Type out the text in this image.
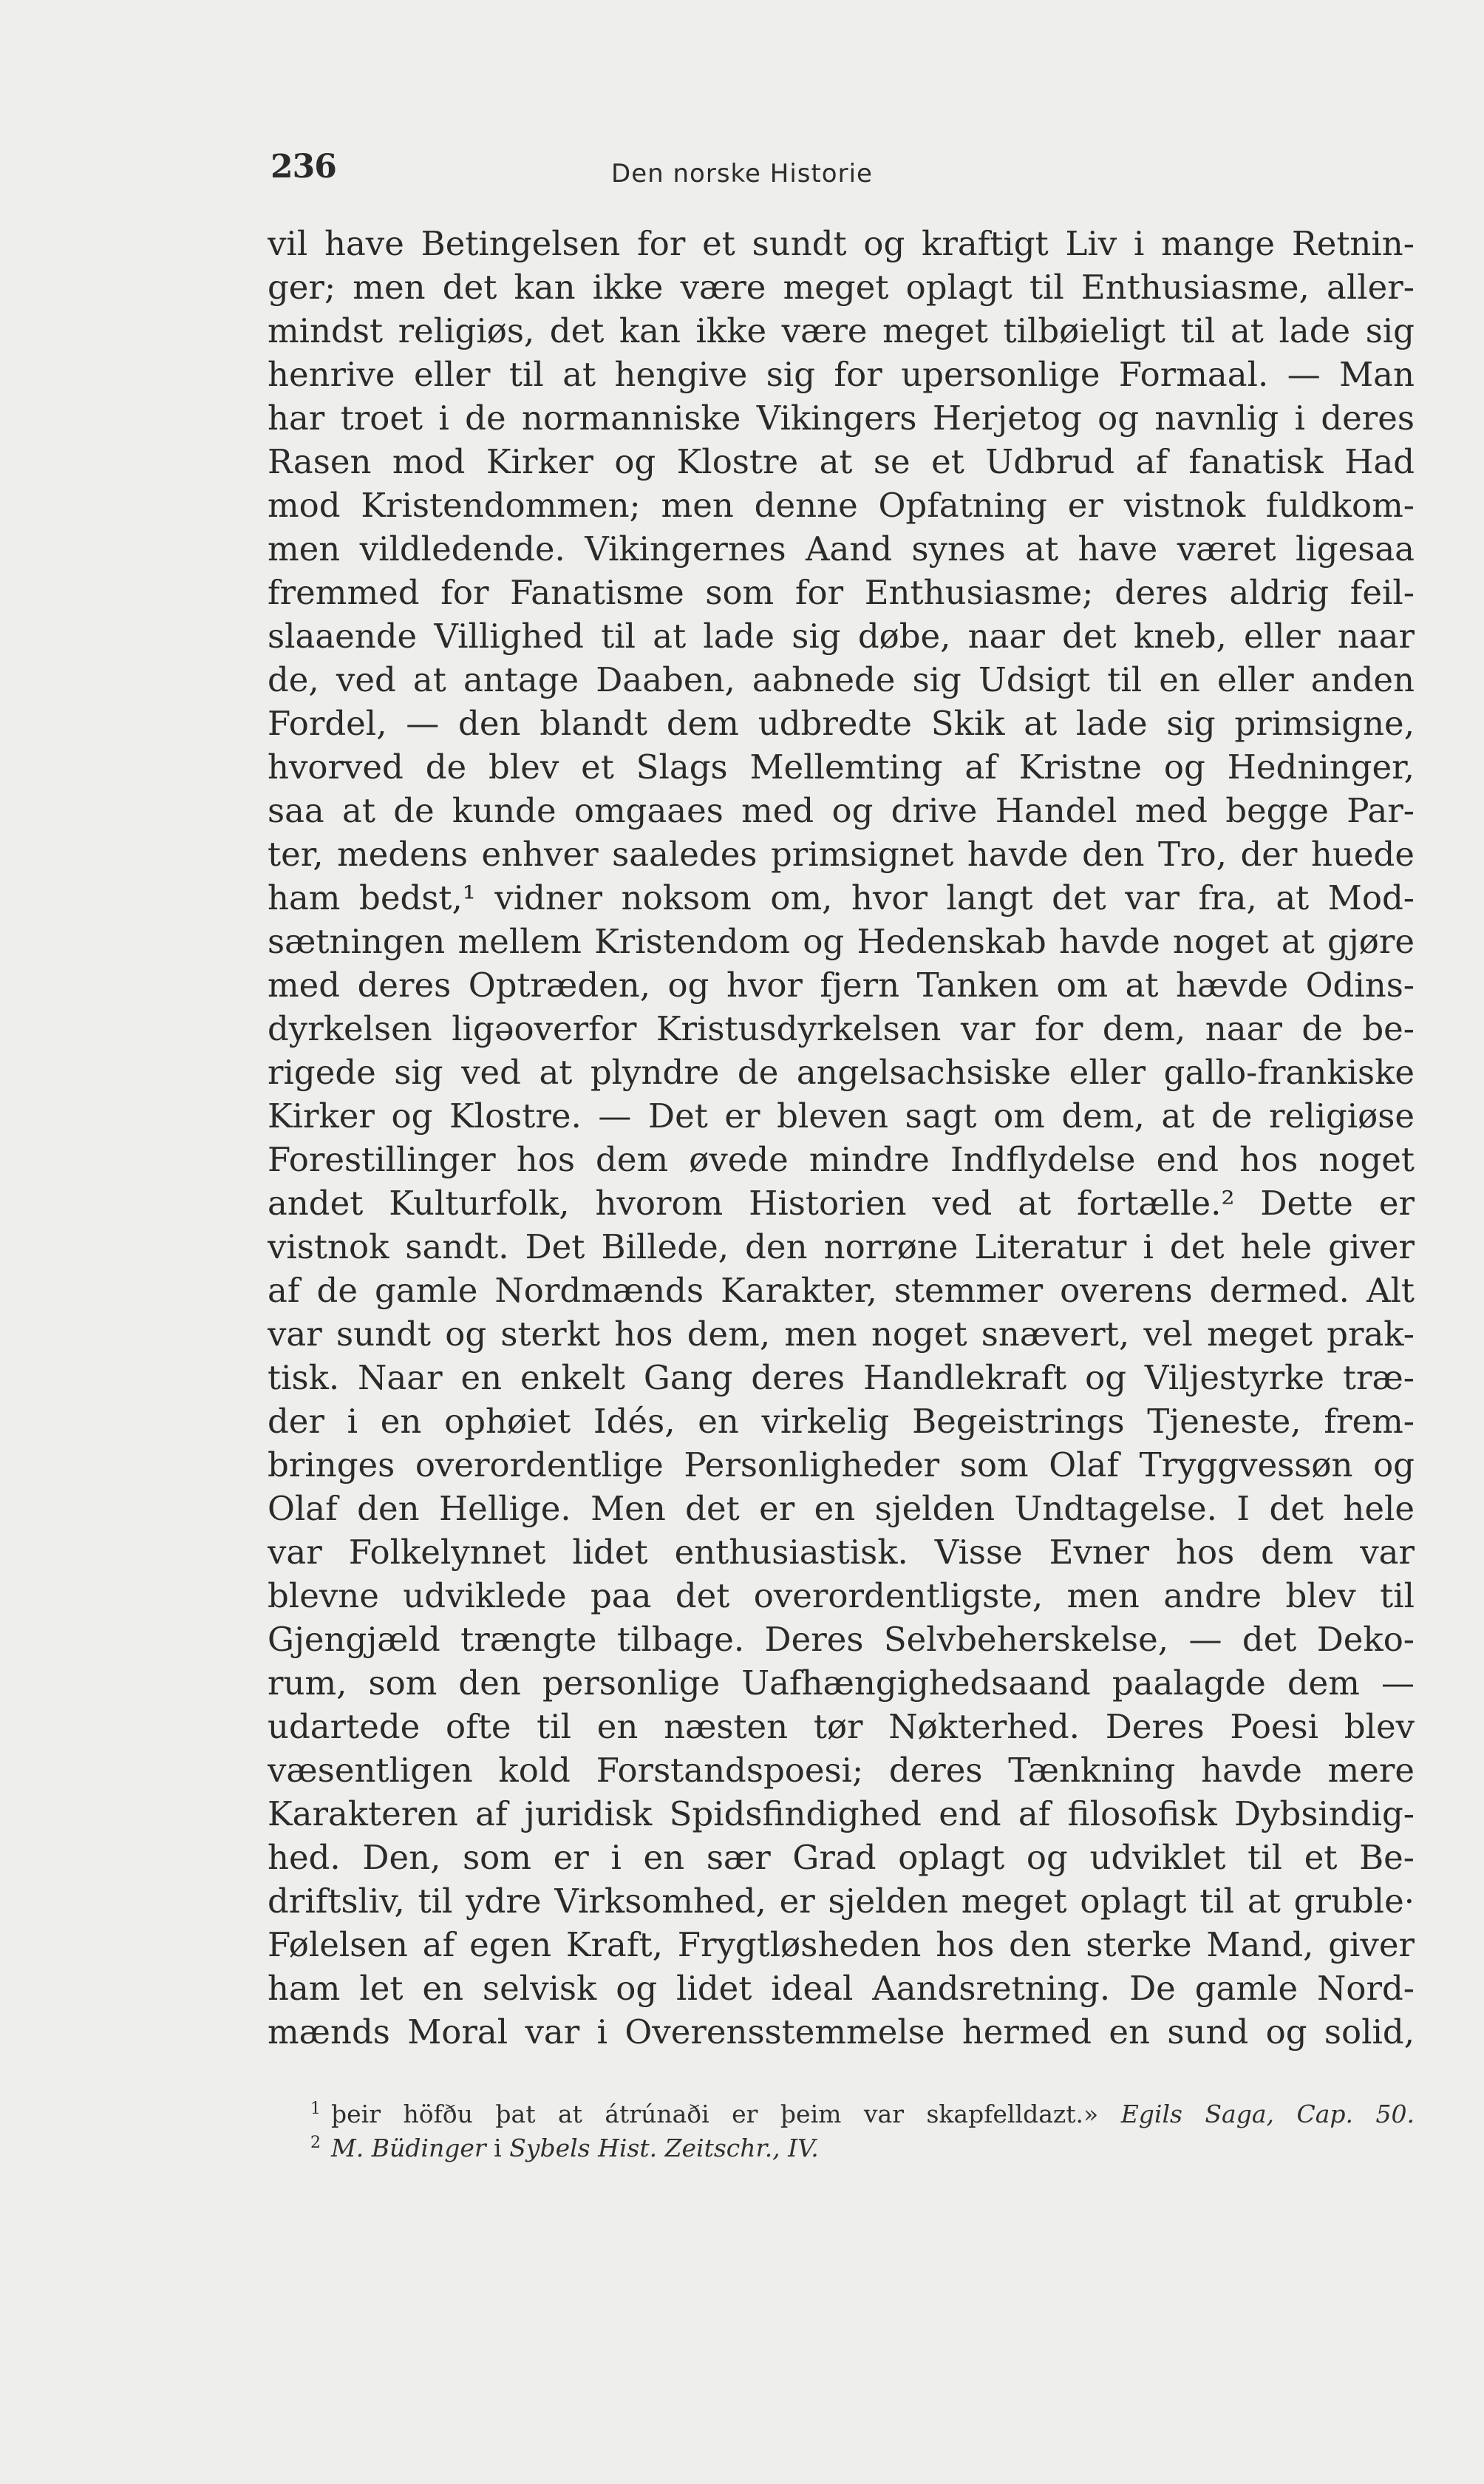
236	Den norske Historie
vil have Betingelsen for et sundt og kraftigt Liv i mange Retnin-
ger; men det kan ikke være meget oplagt til Enthusiasme, aller-
mindst religiøs, det kan ikke være meget tilbøieligt til at lade sig
henrive eller til at hengive sig for upersonlige Formaal. — Man
har troet i de normanniske Vikingers Herjetog og navnlig i deres
Rasen mod Kirker og Klostre at se et Udbrud af fanatisk Had
mod Kristendommen; men denne Opfatning er vistnok fuldkom-
men vildledende. Vikingernes Aand synes at have været ligesaa
fremmed for Fanatisme som for Enthusiasme; deres aldrig feil-
slaaende Villighed til at lade sig døbe, naar det kneb, eller naar
de, ved at antage Daaben, aabnede sig Udsigt til en eller anden
Fordel, — den blandt dem udbredte Skik at lade sig primsigne,
hvorved de blev et Slags Mellemting af Kristne og Hedninger,
saa at de kunde omgaaes med og drive Handel med begge Par-
ter, medens enhver saaledes primsignet havde den Tro, der huede
ham bedst,¹ vidner noksom om, hvor langt det var fra, at Mod-
sætningen mellem Kristendom og Hedenskab havde noget at gjøre
med deres Optræden, og hvor fjern Tanken om at hævde Odins-
dyrkelsen ligəoverfor Kristusdyrkelsen var for dem, naar de be-
rigede sig ved at plyndre de angelsachsiske eller gallo-frankiske
Kirker og Klostre. — Det er bleven sagt om dem, at de religiøse
Forestillinger hos dem øvede mindre Indflydelse end hos noget
andet Kulturfolk, hvorom Historien ved at fortælle.² Dette er
vistnok sandt. Det Billede, den norrøne Literatur i det hele giver
af de gamle Nordmænds Karakter, stemmer overens dermed. Alt
var sundt og sterkt hos dem, men noget snævert, vel meget prak-
tisk. Naar en enkelt Gang deres Handlekraft og Viljestyrke træ-
der i en ophøiet Idés, en virkelig Begeistrings Tjeneste, frem-
bringes overordentlige Personligheder som Olaf Tryggvessøn og
Olaf den Hellige. Men det er en sjelden Undtagelse. I det hele
var Folkelynnet lidet enthusiastisk. Visse Evner hos dem var
blevne udviklede paa det overordentligste, men andre blev til
Gjengjæld trængte tilbage. Deres Selvbeherskelse, — det Deko-
rum, som den personlige Uafhængighedsaand paalagde dem —
udartede ofte til en næsten tør Nøkterhed. Deres Poesi blev
væsentligen kold Forstandspoesi; deres Tænkning havde mere
Karakteren af juridisk Spidsfindighed end af filosofisk Dybsindig-
hed. Den, som er i en sær Grad oplagt og udviklet til et Be-
driftsliv, til ydre Virksomhed, er sjelden meget oplagt til at gruble·
Følelsen af egen Kraft, Frygtløsheden hos den sterke Mand, giver
ham let en selvisk og lidet ideal Aandsretning. De gamle Nord-
mænds Moral var i Overensstemmelse hermed en sund og solid,
$^1$ þeir höfðu þat at átrúnaði er þeim var skapfelldazt.» Egils Saga, Cap. 50.
$^2$ M. Büdinger i Sybels Hist. Zeitschr., IV.
